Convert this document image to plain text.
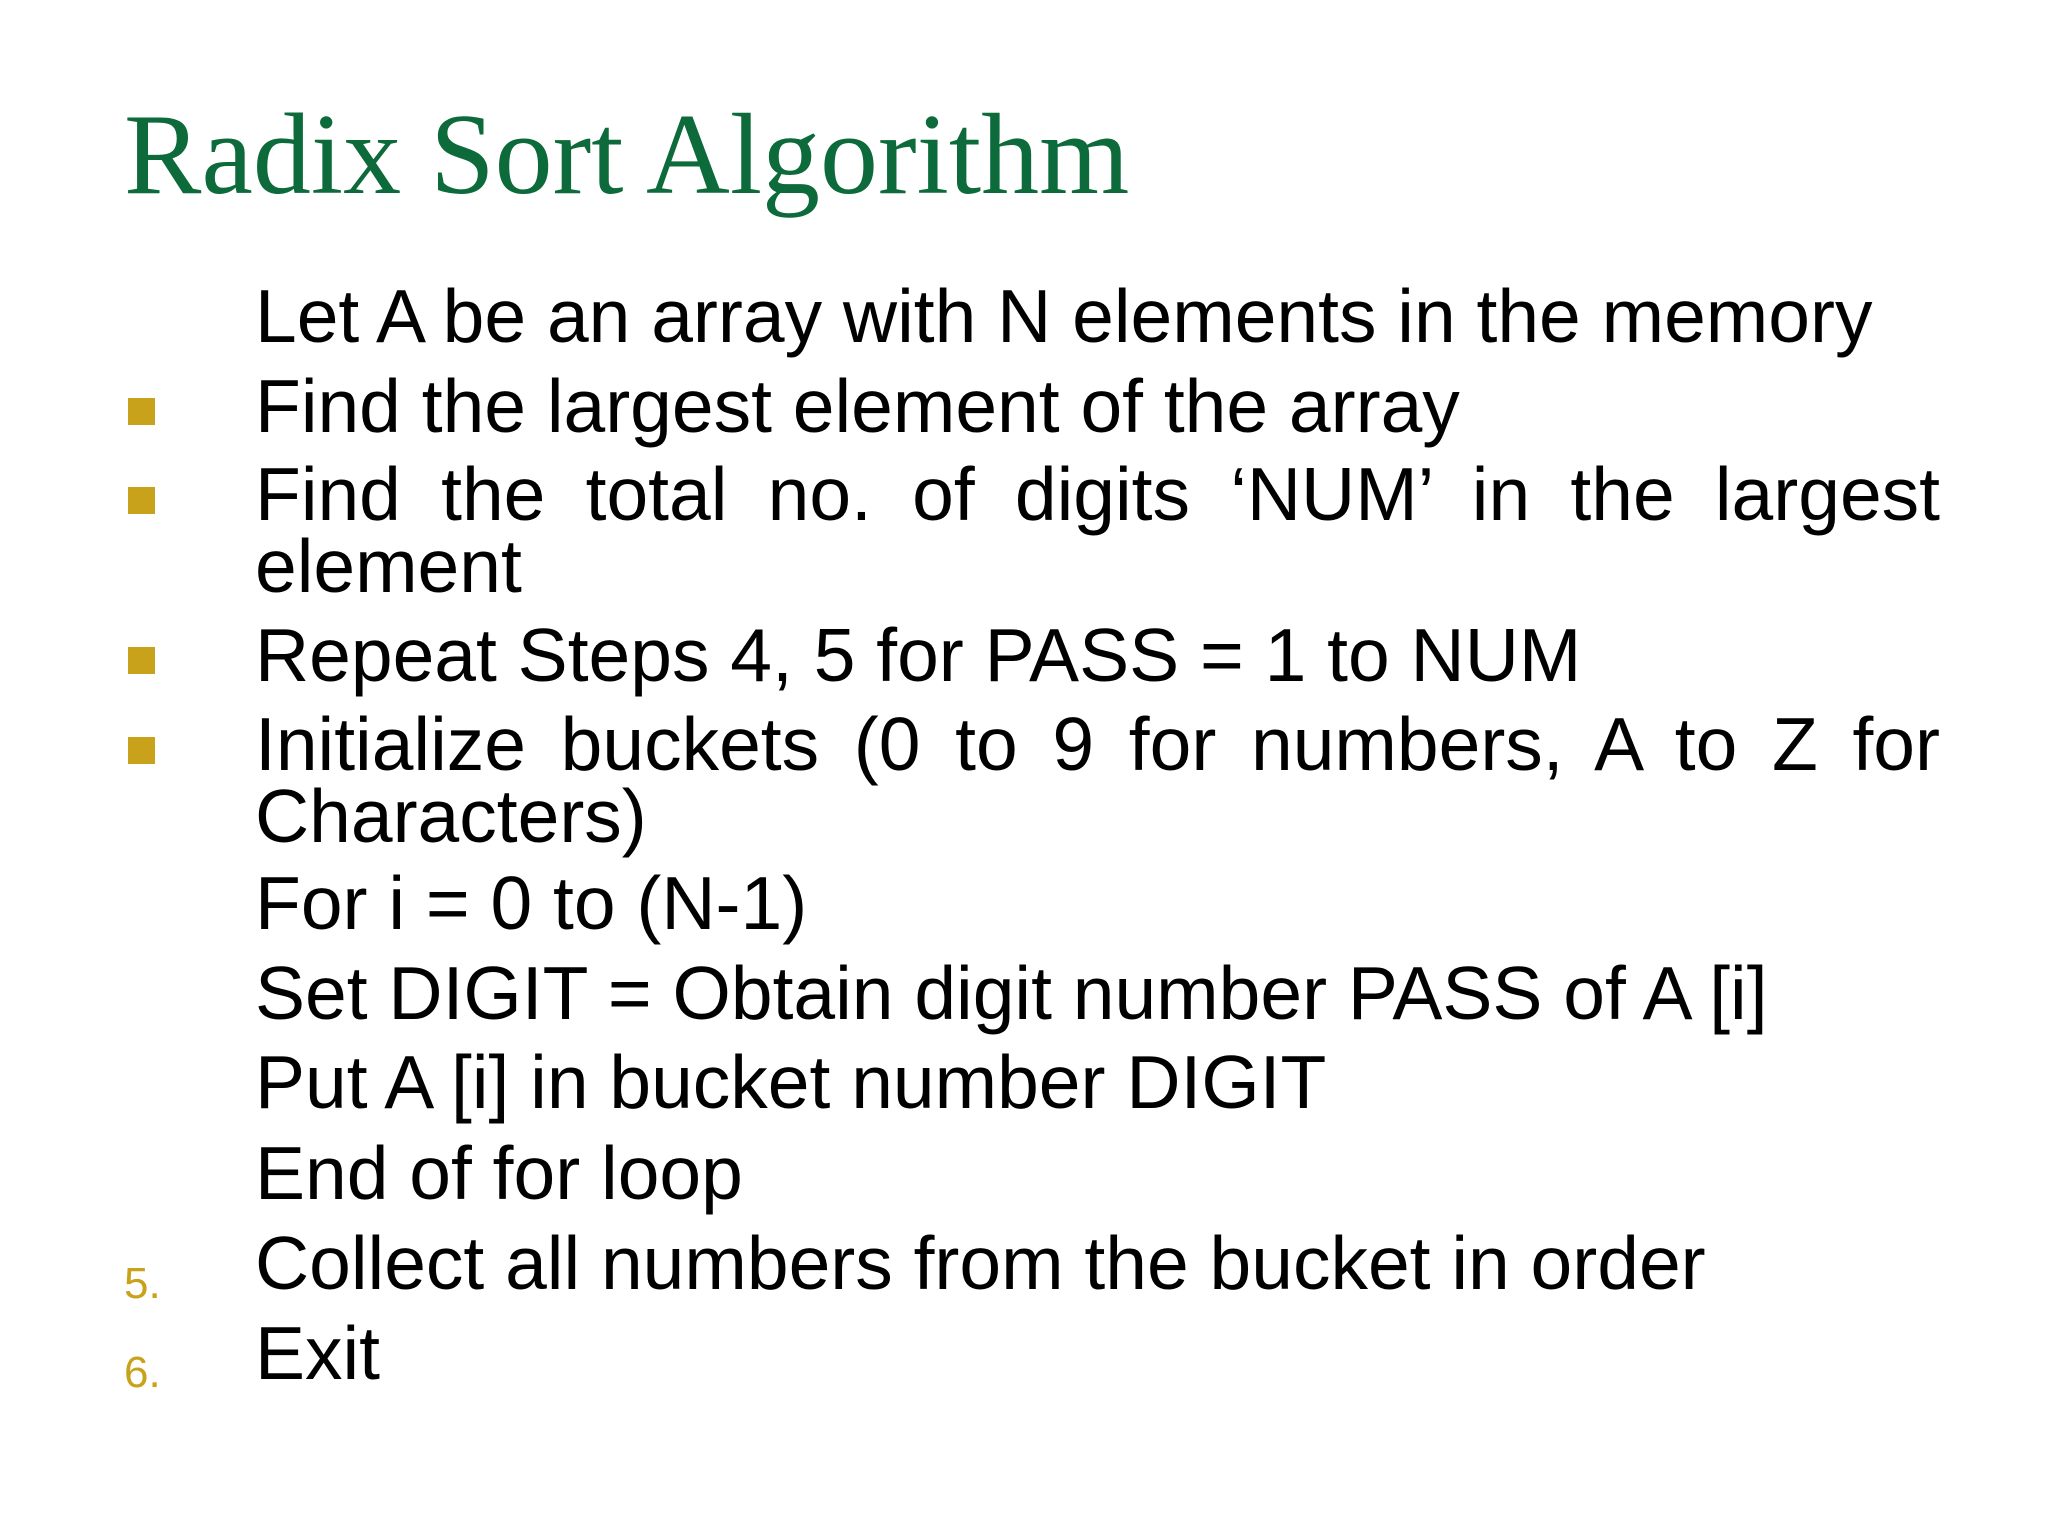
Radix Sort Algorithm
Let A be an array with N elements in the memory
Find the largest element of the array
Find the total no. of digits ‘NUM’ in the largest element
Repeat Steps 4, 5 for PASS = 1 to NUM
Initialize buckets (0 to 9 for numbers, A to Z for Characters)
For i = 0 to (N-1)
Set DIGIT = Obtain digit number PASS of A [i]
Put A [i] in bucket number DIGIT
End of for loop
5. Collect all numbers from the bucket in order
6. Exit
